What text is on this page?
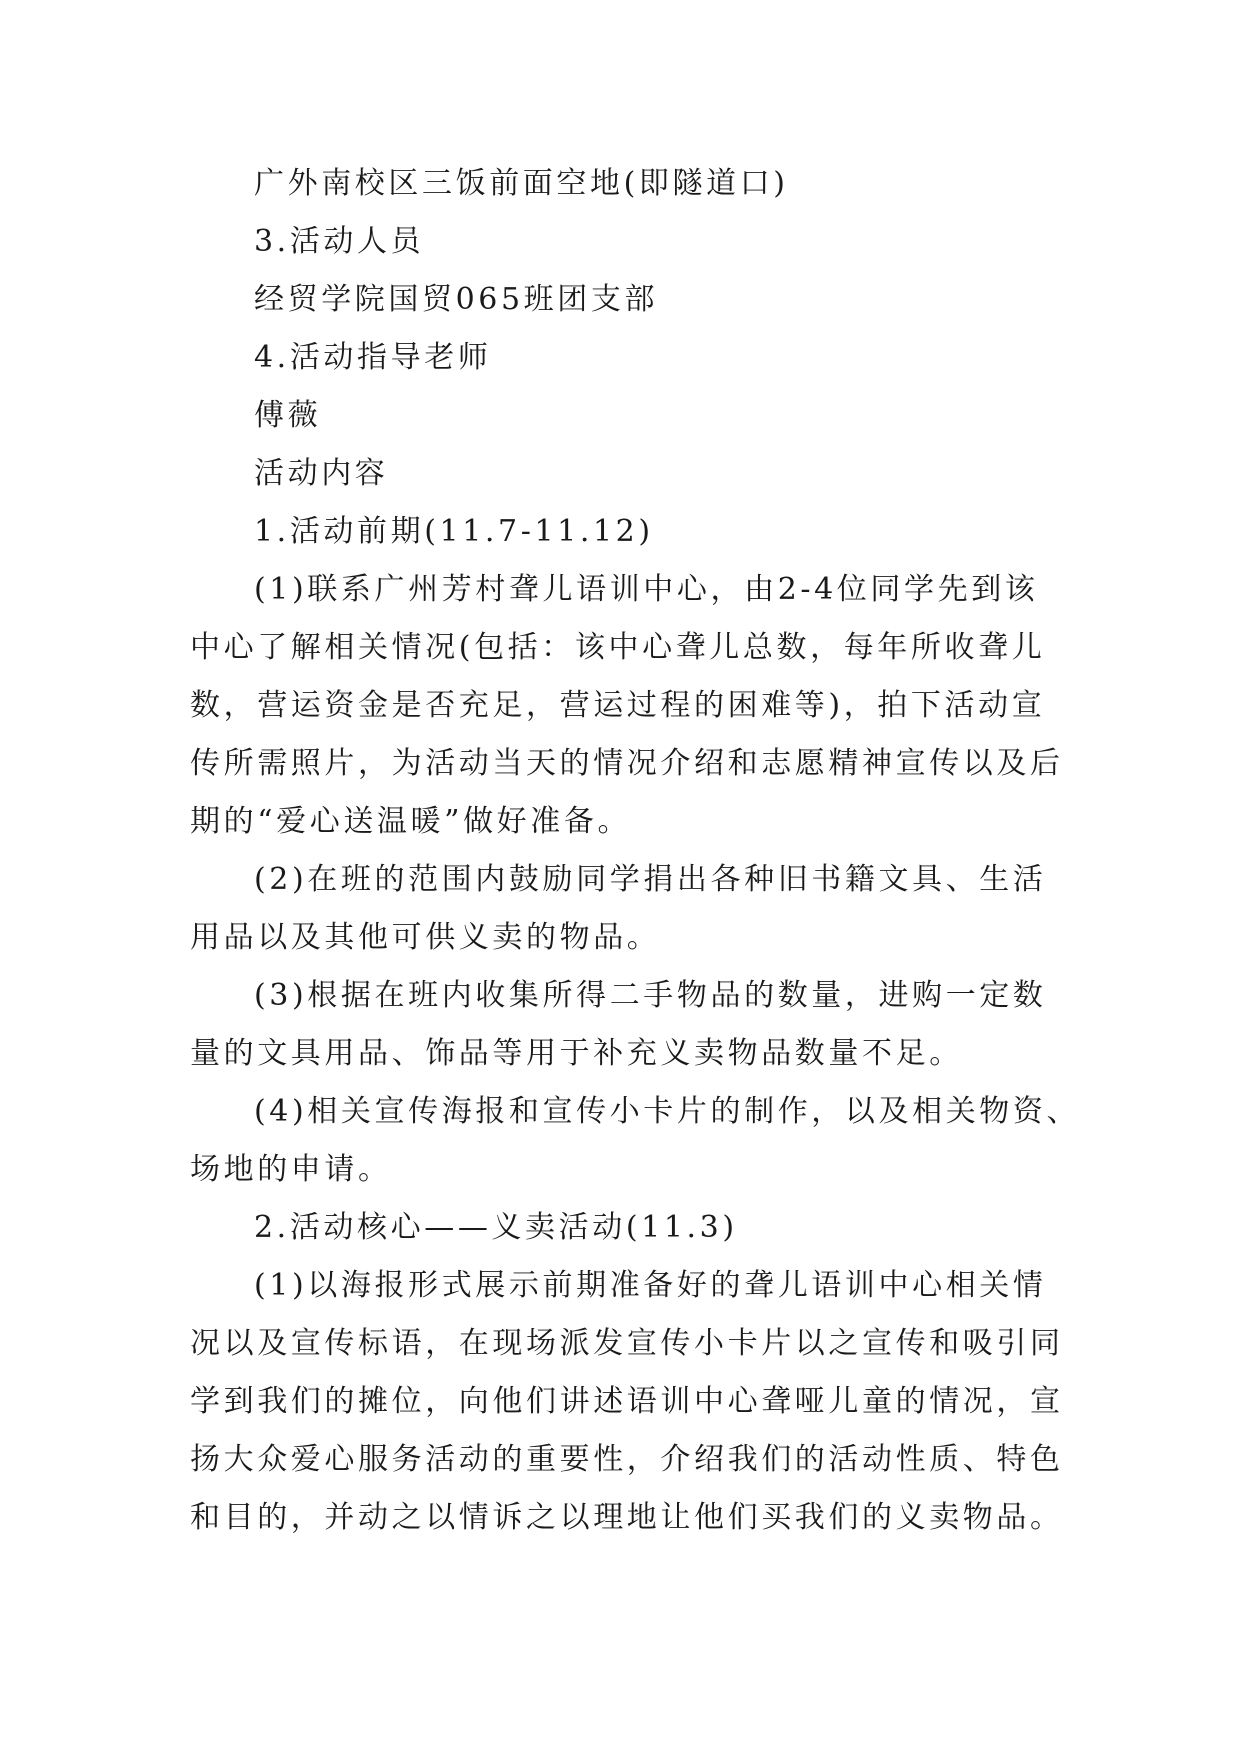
广外南校区三饭前面空地(即隧道口)

3.活动人员

经贸学院国贸065班团支部

4.活动指导老师

傅薇

活动内容

1.活动前期(11.7-11.12)

(1)联系广州芳村聋儿语训中心，由2-4位同学先到该
中心了解相关情况(包括：该中心聋儿总数，每年所收聋儿
数，营运资金是否充足，营运过程的困难等)，拍下活动宣
传所需照片，为活动当天的情况介绍和志愿精神宣传以及后
期的“爱心送温暖”做好准备。
(2)在班的范围内鼓励同学捐出各种旧书籍文具、生活
用品以及其他可供义卖的物品。
(3)根据在班内收集所得二手物品的数量，进购一定数
量的文具用品、饰品等用于补充义卖物品数量不足。
(4)相关宣传海报和宣传小卡片的制作，以及相关物资、
场地的申请。

2.活动核心——义卖活动(11.3)

(1)以海报形式展示前期准备好的聋儿语训中心相关情
况以及宣传标语，在现场派发宣传小卡片以之宣传和吸引同
学到我们的摊位，向他们讲述语训中心聋哑儿童的情况，宣
扬大众爱心服务活动的重要性，介绍我们的活动性质、特色
和目的，并动之以情诉之以理地让他们买我们的义卖物品。
